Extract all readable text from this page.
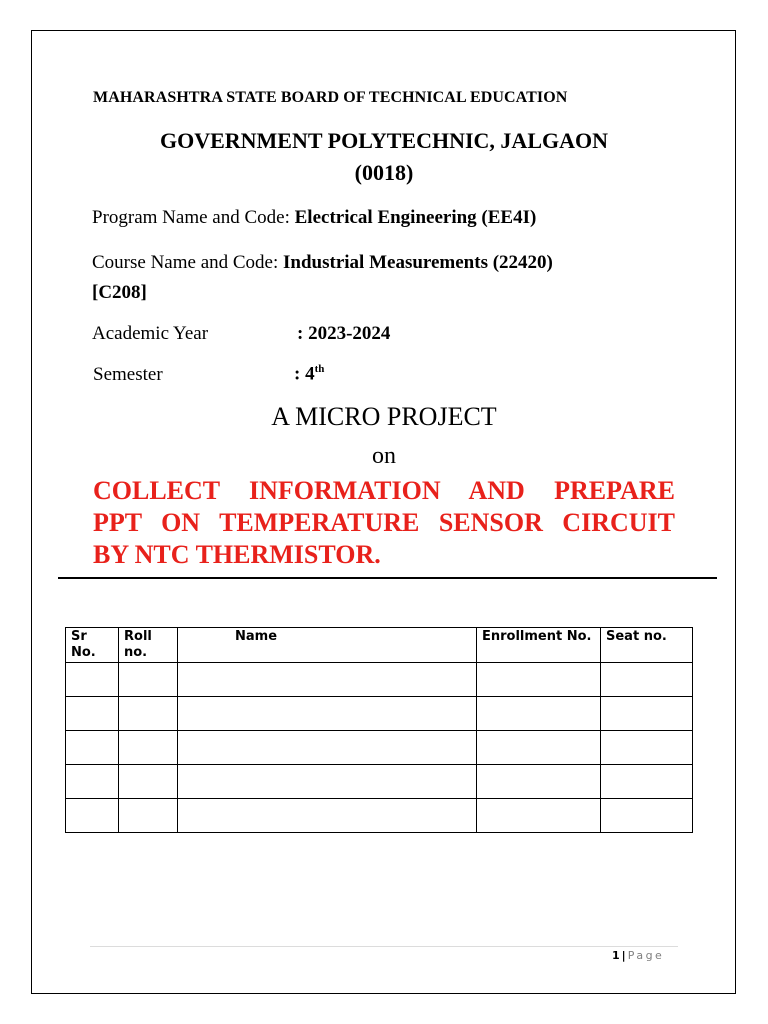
MAHARASHTRA STATE BOARD OF TECHNICAL EDUCATION
GOVERNMENT POLYTECHNIC, JALGAON
(0018)
Program Name and Code: Electrical Engineering (EE4I)
Course Name and Code: Industrial Measurements (22420)
[C208]
Academic Year	: 2023-2024
Semester	: 4th
A MICRO PROJECT
on
COLLECT INFORMATION AND PREPARE
PPT ON TEMPERATURE SENSOR CIRCUIT
BY NTC THERMISTOR.
Sr No.	Roll no.	Name	Enrollment No.	Seat no.

1 | Page
